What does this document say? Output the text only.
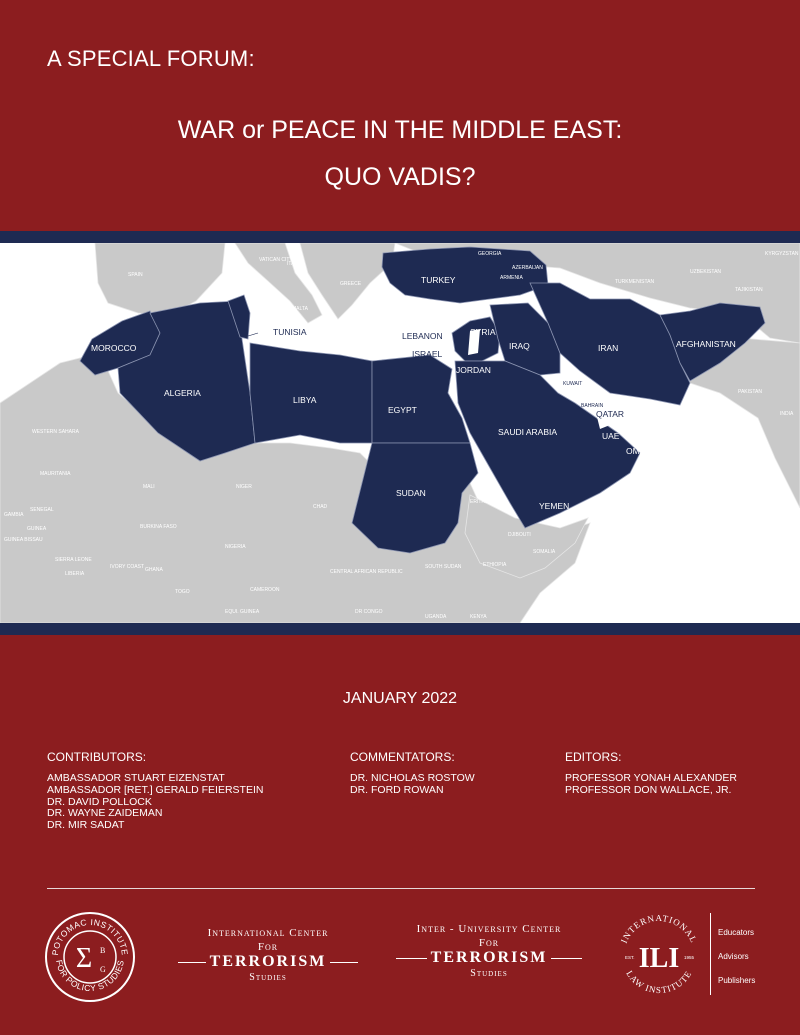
A SPECIAL FORUM:
WAR or PEACE IN THE MIDDLE EAST:
QUO VADIS?
TURKEY
MOROCCO
ALGERIA
LIBYA
EGYPT
SUDAN
SYRIA
IRAQ
JORDAN
IRAN	AFGHANISTAN
SAUDI ARABIA	UAE
OMAN
YEMEN
TUNISIA	LEBANON
ISRAEL
QATAR
KUWAIT
BAHRAIN
SPAIN
ITALY
VATICAN CITY
MALTA
GREECE
GEORGIA
AZERBAIJAN
ARMENIA
TURKMENISTAN
UZBEKISTAN
KYRGYZSTAN
TAJIKISTAN
PAKISTAN
INDIA
WESTERN SAHARA
MAURITANIA
MALI	NIGER
CHAD
SENEGAL
GAMBIA
GUINEA BISSAU
GUINEA
SIERRA LEONE
LIBERIA
IVORY COAST GHANA
TOGO
BURKINA FASO
NIGERIA
CAMEROON
EQUI. GUINEA
CENTRAL AFRICAN REPUBLIC
SOUTH SUDAN
ERITREA
DJIBOUTI
ETHIOPIA
SOMALIA
DR CONGO
UGANDA	KENYA
JANUARY 2022
CONTRIBUTORS:
AMBASSADOR STUART EIZENSTAT
AMBASSADOR [RET.] GERALD FEIERSTEIN
DR. DAVID POLLOCK
DR. WAYNE ZAIDEMAN
DR. MIR SADAT
COMMENTATORS:
DR. NICHOLAS ROSTOW
DR. FORD ROWAN
EDITORS:
PROFESSOR YONAH ALEXANDER
PROFESSOR DON WALLACE, JR.
POTOMAC INSTITUTE
FOR POLICY STUDIES
Σ B
G
International Center
For
TERRORISM
Studies
Inter - University Center
For
TERRORISM
Studies
INTERNATIONAL
LAW INSTITUTE
ILI
EST.	1955
Educators
Advisors
Publishers
